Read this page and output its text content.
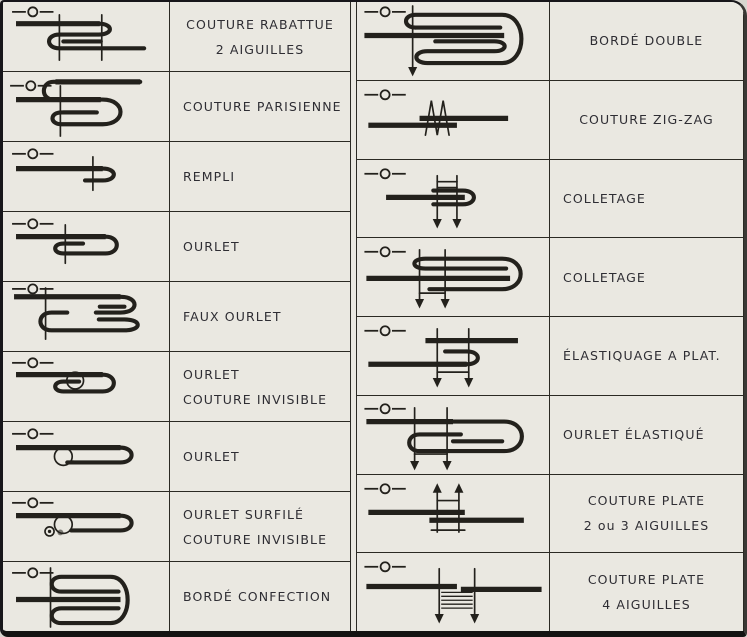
COUTURE RABATTUE
2 AIGUILLES
COUTURE PARISIENNE
REMPLI
OURLET
FAUX OURLET
OURLET
COUTURE INVISIBLE
OURLET
OURLET SURFILÉ
COUTURE INVISIBLE
BORDÉ CONFECTION
BORDÉ DOUBLE
COUTURE ZIG-ZAG
COLLETAGE
COLLETAGE
ÉLASTIQUAGE A PLAT.
OURLET ÉLASTIQUÉ
COUTURE PLATE
2 ou 3 AIGUILLES
COUTURE PLATE
4 AIGUILLES
